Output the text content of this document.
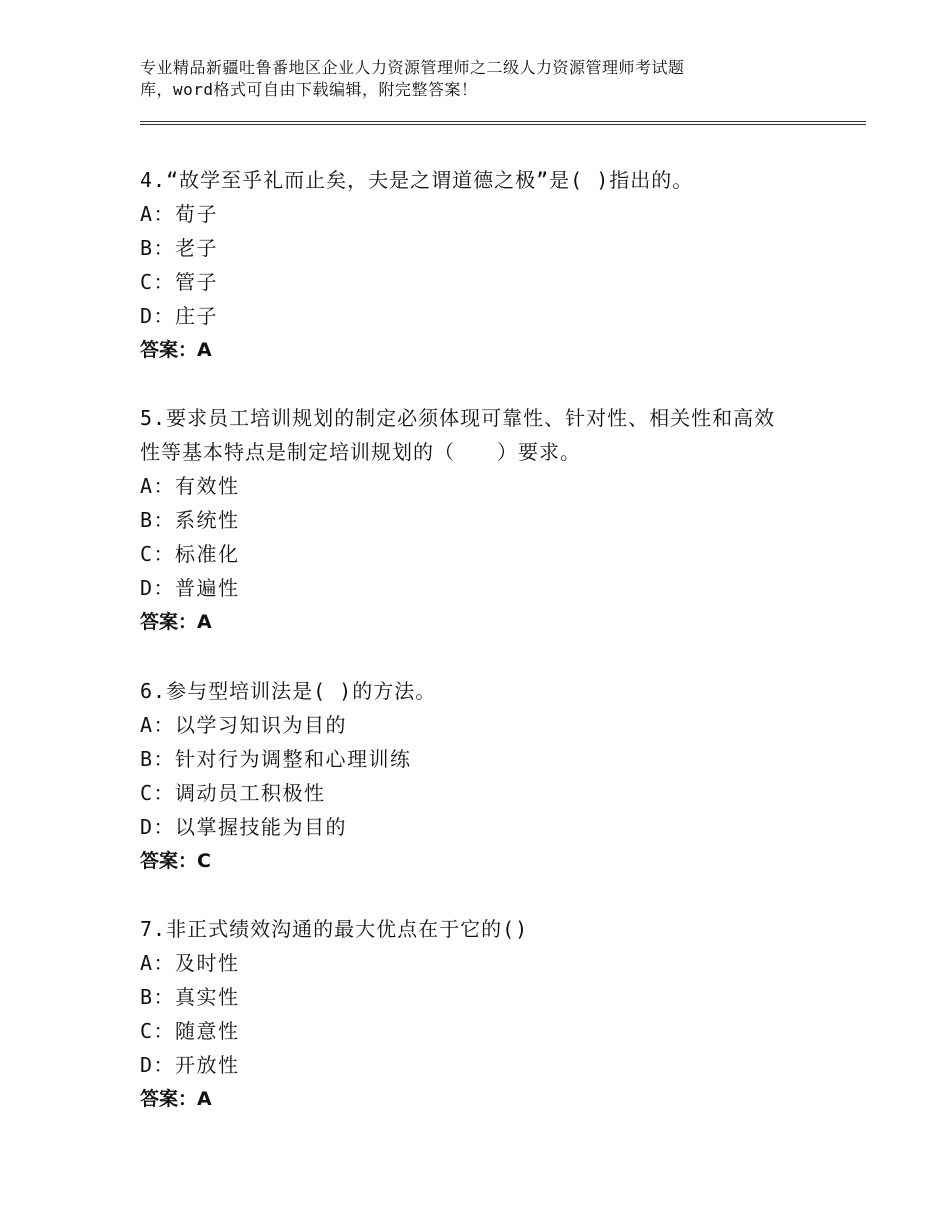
专业精品新疆吐鲁番地区企业人力资源管理师之二级人力资源管理师考试题
库，word格式可自由下载编辑，附完整答案！
4.“故学至乎礼而止矣，夫是之谓道德之极”是( )指出的。
A：荀子
B：老子
C：管子
D：庄子
答案：A
5.要求员工培训规划的制定必须体现可靠性、针对性、相关性和高效
性等基本特点是制定培训规划的（　　）要求。
A：有效性
B：系统性
C：标准化
D：普遍性
答案：A
6.参与型培训法是( )的方法。
A：以学习知识为目的
B：针对行为调整和心理训练
C：调动员工积极性
D：以掌握技能为目的
答案：C
7.非正式绩效沟通的最大优点在于它的()
A：及时性
B：真实性
C：随意性
D：开放性
答案：A
